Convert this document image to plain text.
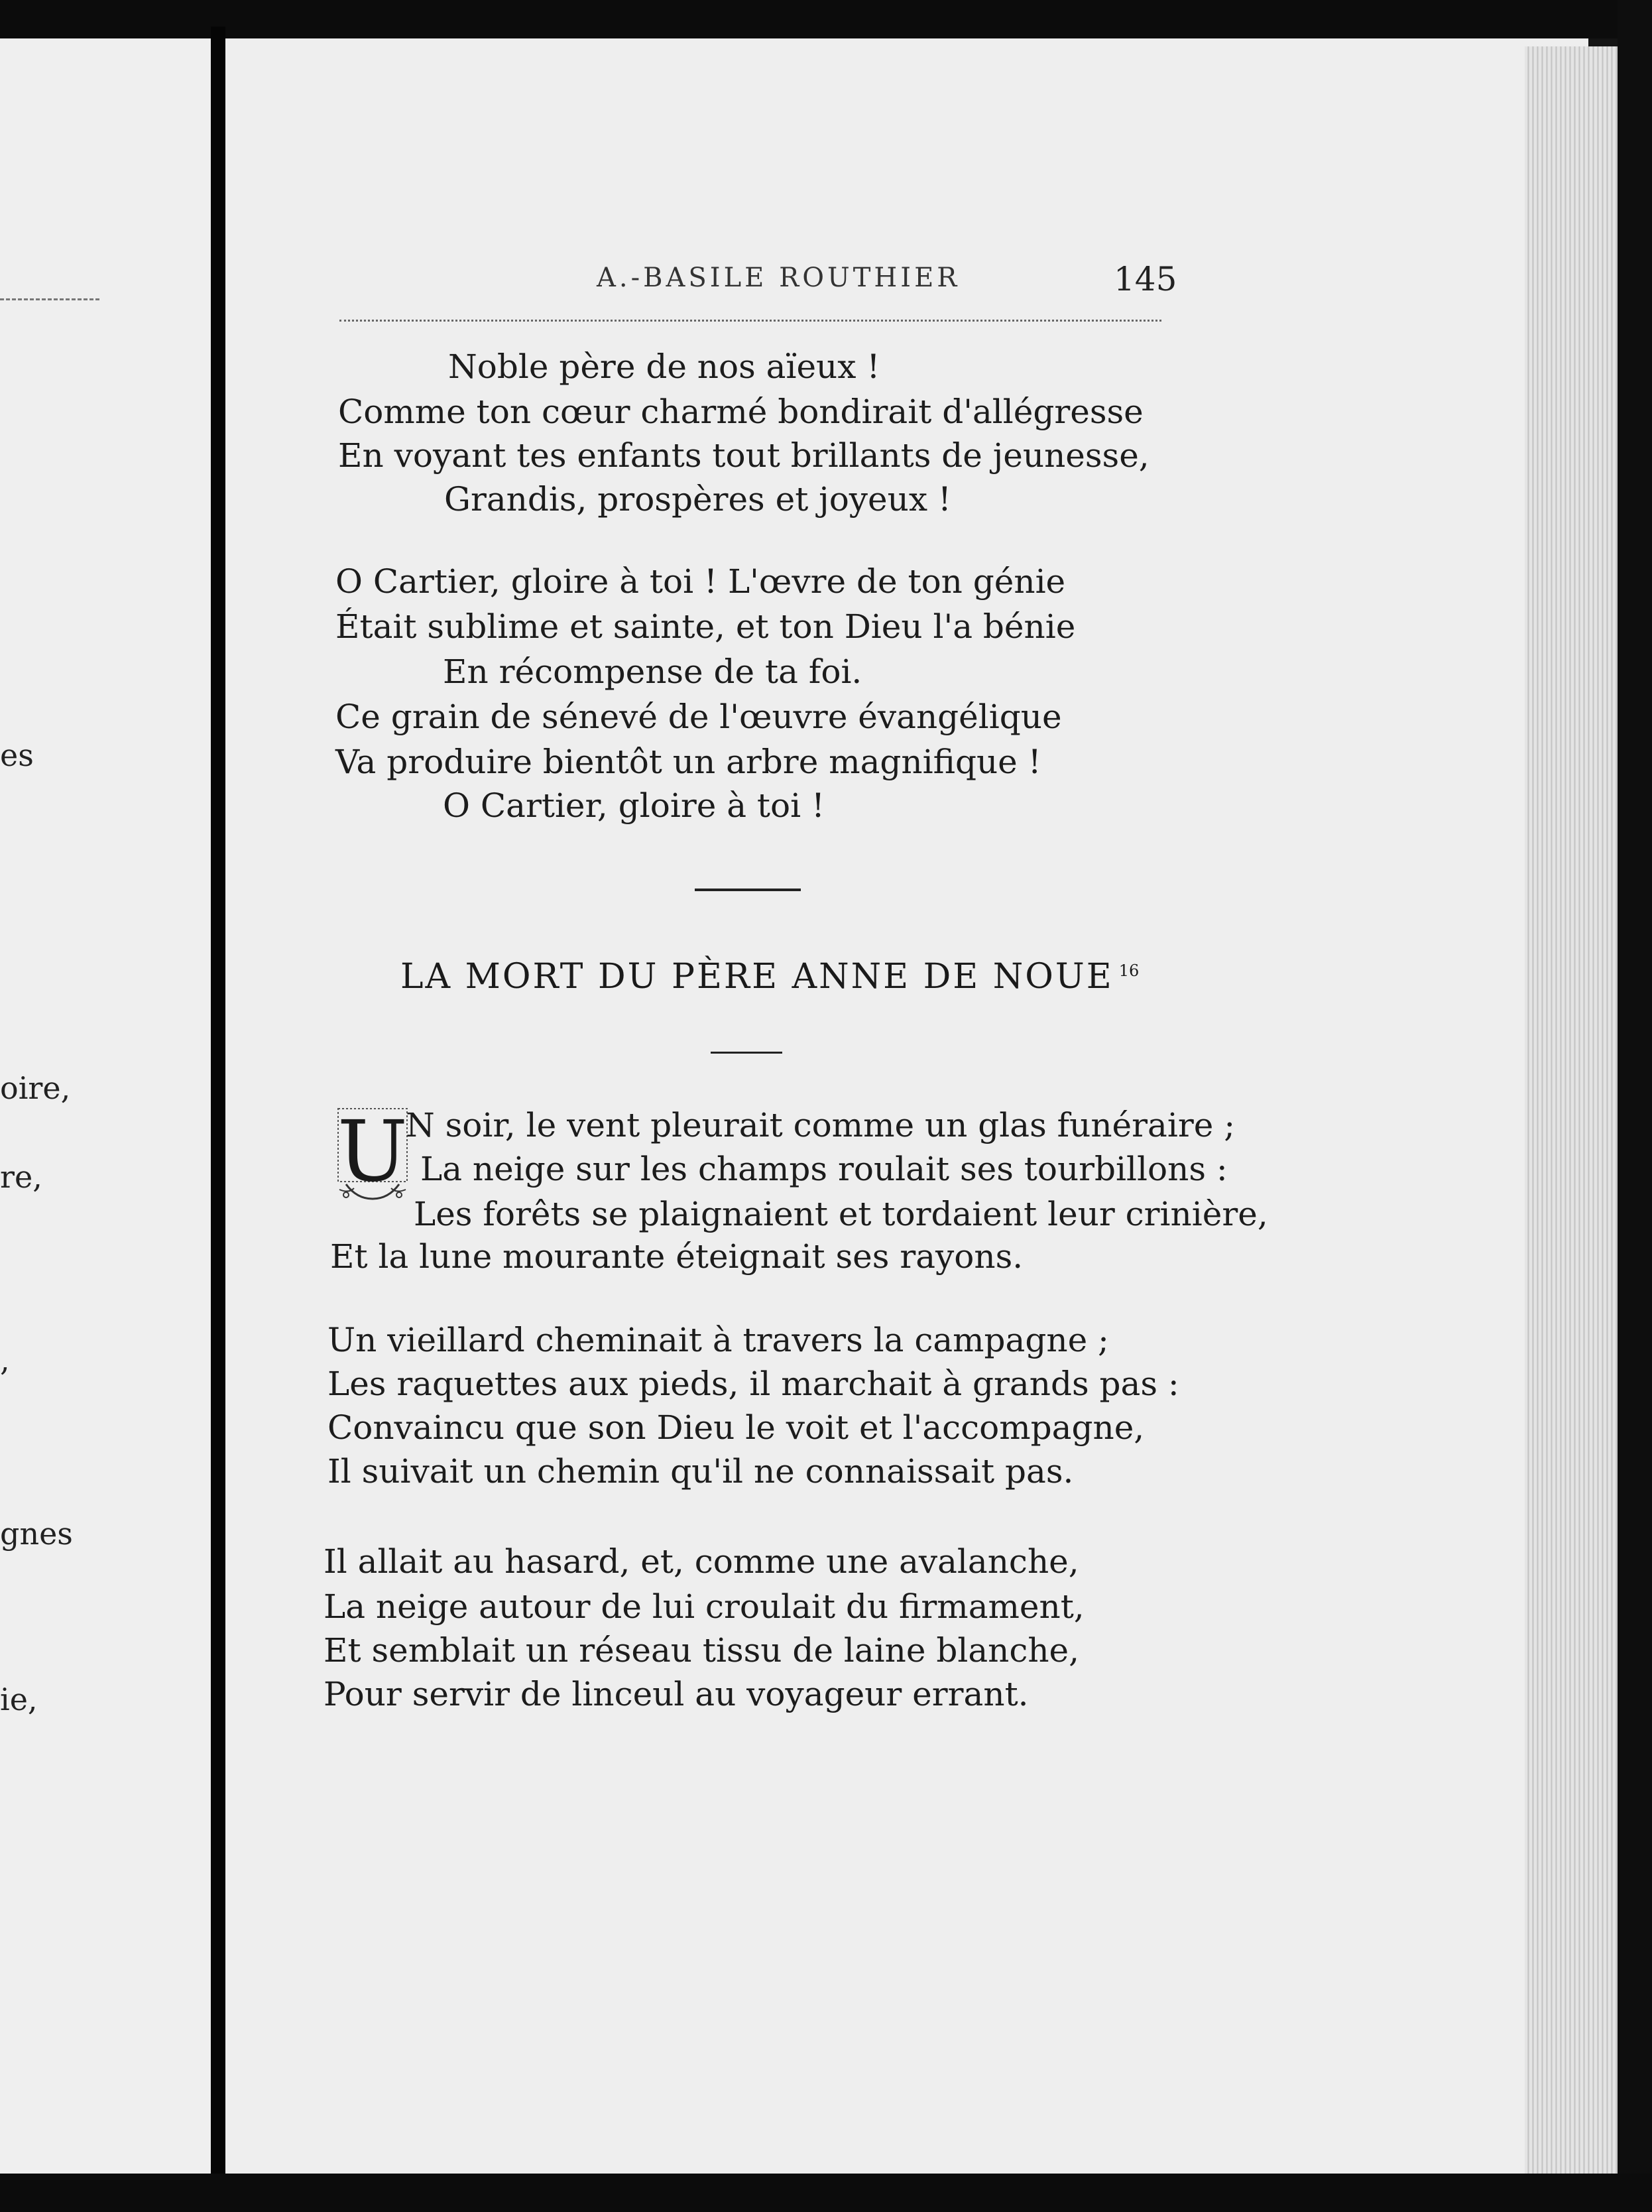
es
oire,
re,
,
gnes
ie,
A.-BASILE ROUTHIER	145
Noble père de nos aïeux !
Comme ton cœur charmé bondirait d'allégresse
En voyant tes enfants tout brillants de jeunesse,
Grandis, prospères et joyeux !
O Cartier, gloire à toi ! L'œvre de ton génie
Était sublime et sainte, et ton Dieu l'a bénie
En récompense de ta foi.
Ce grain de sénevé de l'œuvre évangélique
Va produire bientôt un arbre magnifique !
O Cartier, gloire à toi !
LA MORT DU PÈRE ANNE DE NOUE $^{16}$
U
N soir, le vent pleurait comme un glas funéraire ;
La neige sur les champs roulait ses tourbillons :
Les forêts se plaignaient et tordaient leur crinière,
Et la lune mourante éteignait ses rayons.
Un vieillard cheminait à travers la campagne ;
Les raquettes aux pieds, il marchait à grands pas :
Convaincu que son Dieu le voit et l'accompagne,
Il suivait un chemin qu'il ne connaissait pas.
Il allait au hasard, et, comme une avalanche,
La neige autour de lui croulait du firmament,
Et semblait un réseau tissu de laine blanche,
Pour servir de linceul au voyageur errant.
